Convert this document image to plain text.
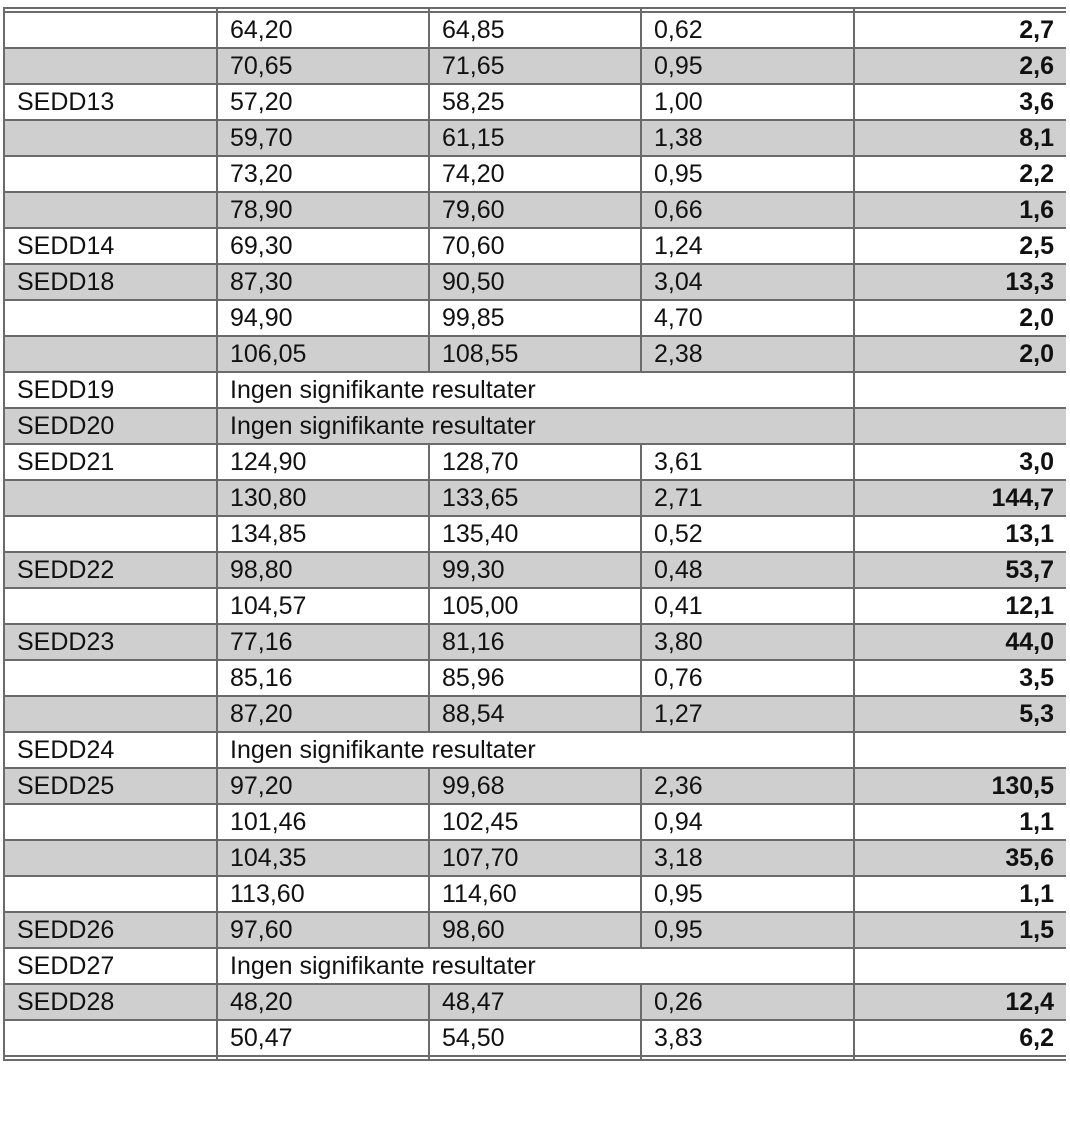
	64,20	64,85	0,62	2,7
	70,65	71,65	0,95	2,6
SEDD13	57,20	58,25	1,00	3,6
	59,70	61,15	1,38	8,1
	73,20	74,20	0,95	2,2
	78,90	79,60	0,66	1,6
SEDD14	69,30	70,60	1,24	2,5
SEDD18	87,30	90,50	3,04	13,3
	94,90	99,85	4,70	2,0
	106,05	108,55	2,38	2,0
SEDD19	Ingen signifikante resultater			
SEDD20	Ingen signifikante resultater			
SEDD21	124,90	128,70	3,61	3,0
	130,80	133,65	2,71	144,7
	134,85	135,40	0,52	13,1
SEDD22	98,80	99,30	0,48	53,7
	104,57	105,00	0,41	12,1
SEDD23	77,16	81,16	3,80	44,0
	85,16	85,96	0,76	3,5
	87,20	88,54	1,27	5,3
SEDD24	Ingen signifikante resultater			
SEDD25	97,20	99,68	2,36	130,5
	101,46	102,45	0,94	1,1
	104,35	107,70	3,18	35,6
	113,60	114,60	0,95	1,1
SEDD26	97,60	98,60	0,95	1,5
SEDD27	Ingen signifikante resultater			
SEDD28	48,20	48,47	0,26	12,4
	50,47	54,50	3,83	6,2
